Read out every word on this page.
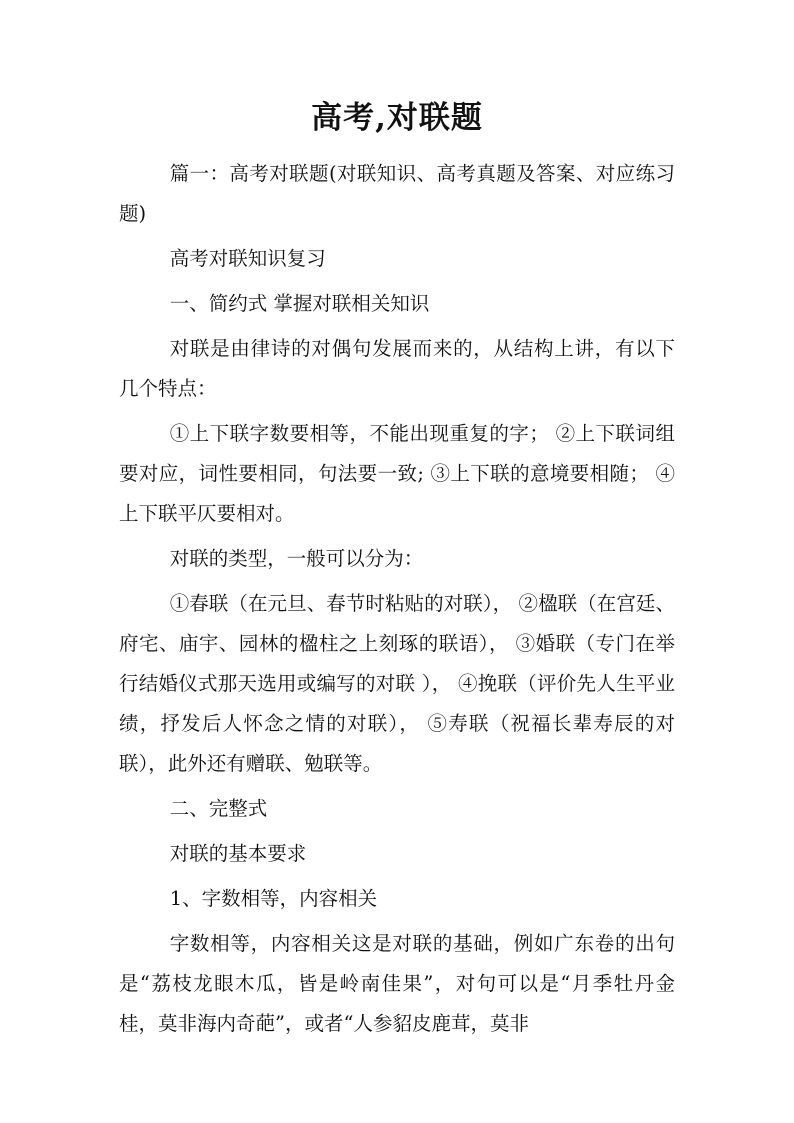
高考,对联题

篇一：高考对联题(对联知识、高考真题及答案、对应练习题)

高考对联知识复习

一、简约式 掌握对联相关知识

对联是由律诗的对偶句发展而来的，从结构上讲，有以下几个特点：

①上下联字数要相等，不能出现重复的字； ②上下联词组要对应，词性要相同，句法要一致; ③上下联的意境要相随； ④上下联平仄要相对。

对联的类型，一般可以分为：

①春联（在元旦、春节时粘贴的对联）， ②楹联（在宫廷、府宅、庙宇、园林的楹柱之上刻琢的联语）， ③婚联（专门在举行结婚仪式那天选用或编写的对联 ）， ④挽联（评价先人生平业绩，抒发后人怀念之情的对联）， ⑤寿联（祝福长辈寿辰的对联），此外还有赠联、勉联等。

二、完整式

对联的基本要求

1、字数相等，内容相关

字数相等，内容相关这是对联的基础，例如广东卷的出句是“荔枝龙眼木瓜，皆是岭南佳果”，对句可以是“月季牡丹金桂，莫非海内奇葩”，或者“人参貂皮鹿茸，莫非
